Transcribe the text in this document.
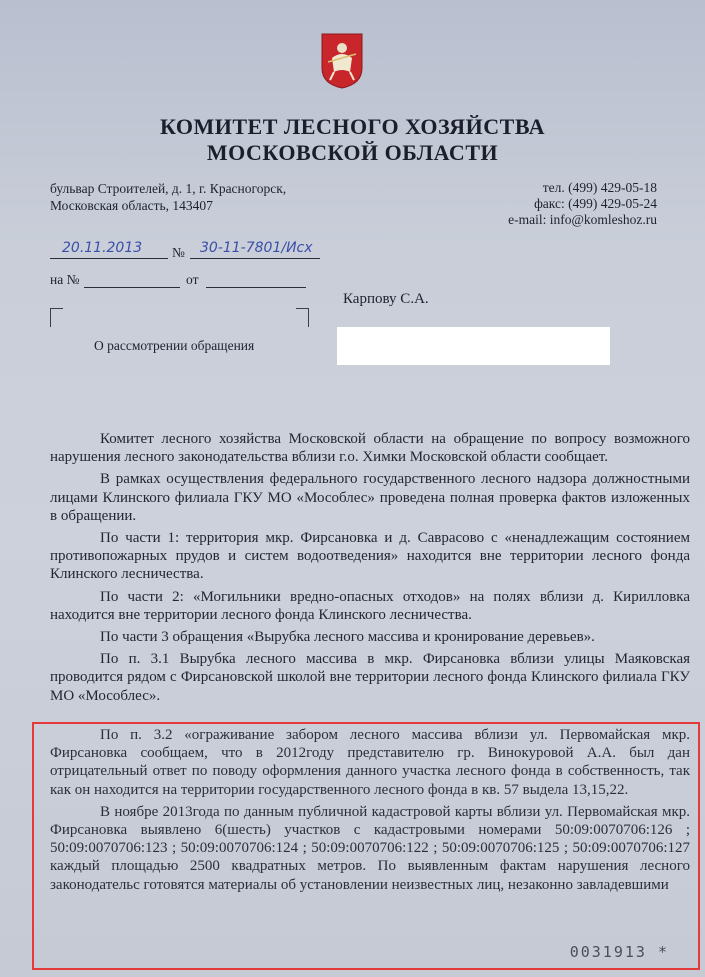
КОМИТЕТ ЛЕСНОГО ХОЗЯЙСТВА
МОСКОВСКОЙ ОБЛАСТИ
бульвар Строителей, д. 1, г. Красногорск,
Московская область, 143407
тел. (499) 429-05-18
факс: (499) 429-05-24
e-mail: info@komleshoz.ru
20.11.2013 № 30-11-7801/Исх
на №	от
Карпову С.А.
О рассмотрении обращения

Комитет лесного хозяйства Московской области на обращение по вопросу возможного нарушения лесного законодательства вблизи г.о. Химки Московской области сообщает.

В рамках осуществления федерального государственного лесного надзора должностными лицами Клинского филиала ГКУ МО «Мособлес» проведена полная проверка фактов изложенных в обращении.

По части 1: территория мкр. Фирсановка и д. Саврасово с «ненадлежащим состоянием противопожарных прудов и систем водоотведения» находится вне территории лесного фонда Клинского лесничества.

По части 2: «Могильники вредно-опасных отходов» на полях вблизи д. Кирилловка находится вне территории лесного фонда Клинского лесничества.

По части 3 обращения «Вырубка лесного массива и кронирование деревьев».

По п. 3.1 Вырубка лесного массива в мкр. Фирсановка вблизи улицы Маяковская проводится рядом с Фирсановской школой вне территории лесного фонда Клинского филиала ГКУ МО «Мособлес».

По п. 3.2 «ограживание забором лесного массива вблизи ул. Первомайская мкр. Фирсановка сообщаем, что в 2012году представителю гр. Винокуровой А.А. был дан отрицательный ответ по поводу оформления данного участка лесного фонда в собственность, так как он находится на территории государственного лесного фонда в кв. 57 выдела 13,15,22.

В ноябре 2013года по данным публичной кадастровой карты вблизи ул. Первомайская мкр. Фирсановка выявлено 6(шесть) участков с кадастровыми номерами 50:09:0070706:126 ; 50:09:0070706:123 ; 50:09:0070706:124 ; 50:09:0070706:122 ; 50:09:0070706:125 ; 50:09:0070706:127 каждый площадью 2500 квадратных метров. По выявленным фактам нарушения лесного законодательс готовятся материалы об установлении неизвестных лиц, незаконно завладевшими

0031913 *
